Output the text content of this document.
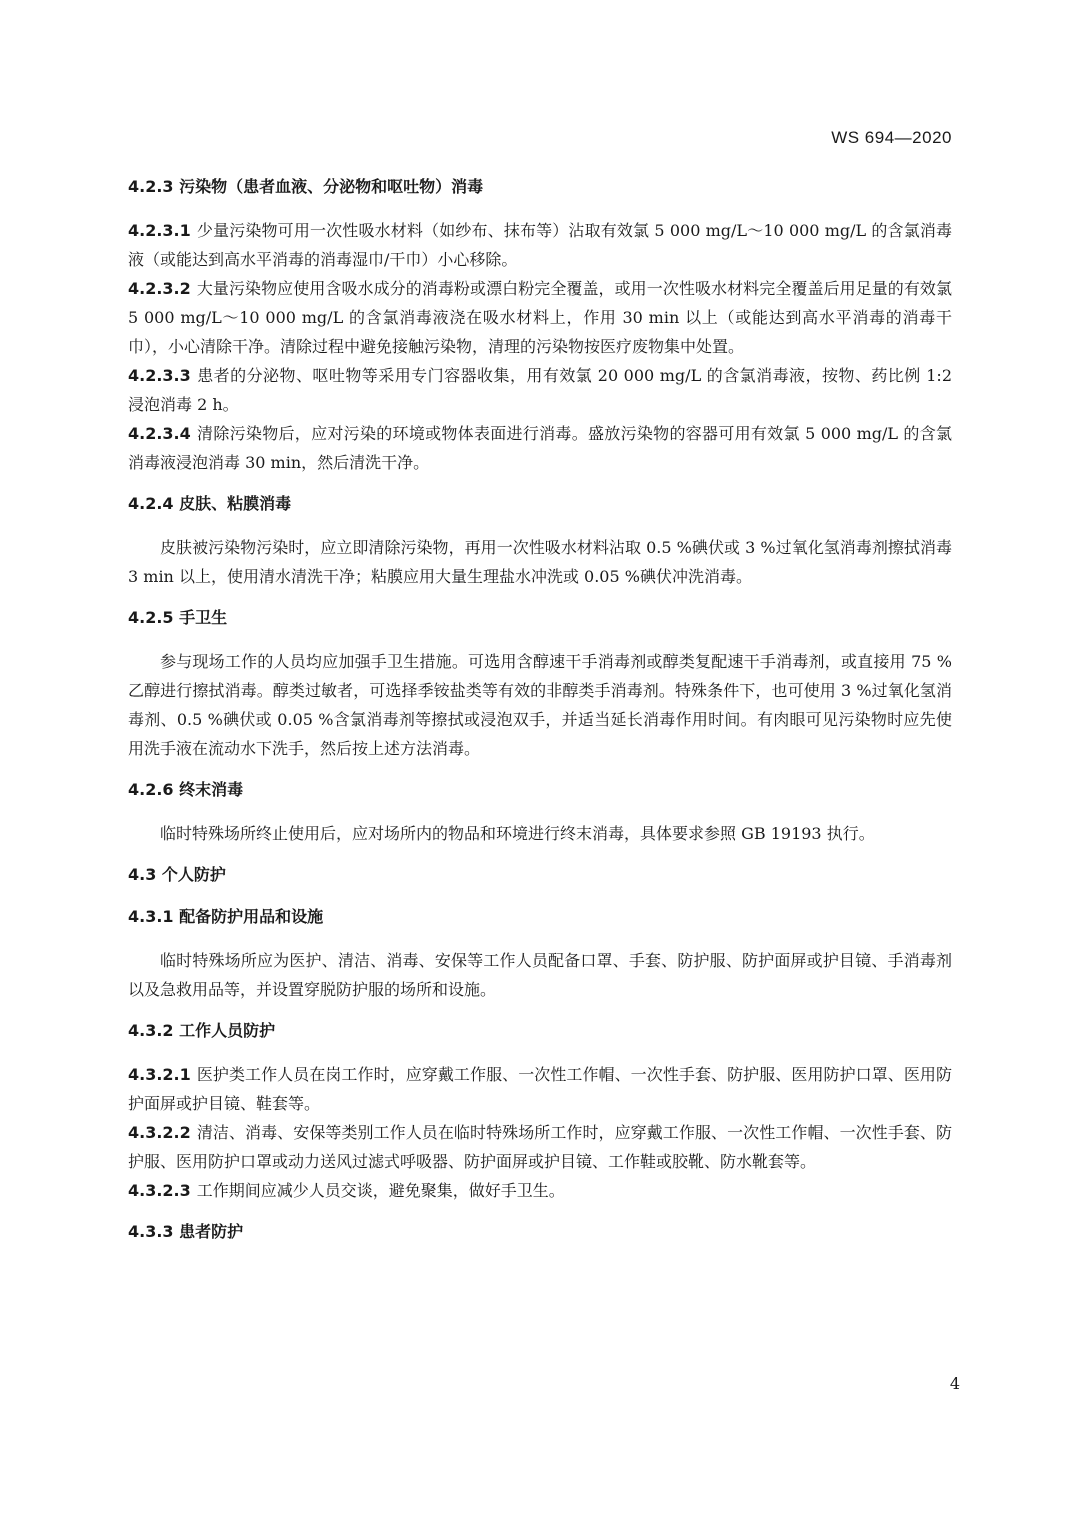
WS 694—2020
4.2.3 污染物（患者血液、分泌物和呕吐物）消毒

4.2.3.1 少量污染物可用一次性吸水材料（如纱布、抹布等）沾取有效氯 5 000 mg/L～10 000 mg/L 的含氯消毒液（或能达到高水平消毒的消毒湿巾/干巾）小心移除。

4.2.3.2 大量污染物应使用含吸水成分的消毒粉或漂白粉完全覆盖，或用一次性吸水材料完全覆盖后用足量的有效氯 5 000 mg/L～10 000 mg/L 的含氯消毒液浇在吸水材料上，作用 30 min 以上（或能达到高水平消毒的消毒干巾），小心清除干净。清除过程中避免接触污染物，清理的污染物按医疗废物集中处置。

4.2.3.3 患者的分泌物、呕吐物等采用专门容器收集，用有效氯 20 000 mg/L 的含氯消毒液，按物、药比例 1:2 浸泡消毒 2 h。

4.2.3.4 清除污染物后，应对污染的环境或物体表面进行消毒。盛放污染物的容器可用有效氯 5 000 mg/L 的含氯消毒液浸泡消毒 30 min，然后清洗干净。

4.2.4 皮肤、粘膜消毒

皮肤被污染物污染时，应立即清除污染物，再用一次性吸水材料沾取 0.5 %碘伏或 3 %过氧化氢消毒剂擦拭消毒 3 min 以上，使用清水清洗干净；粘膜应用大量生理盐水冲洗或 0.05 %碘伏冲洗消毒。

4.2.5 手卫生

参与现场工作的人员均应加强手卫生措施。可选用含醇速干手消毒剂或醇类复配速干手消毒剂，或直接用 75 %乙醇进行擦拭消毒。醇类过敏者，可选择季铵盐类等有效的非醇类手消毒剂。特殊条件下，也可使用 3 %过氧化氢消毒剂、0.5 %碘伏或 0.05 %含氯消毒剂等擦拭或浸泡双手，并适当延长消毒作用时间。有肉眼可见污染物时应先使用洗手液在流动水下洗手，然后按上述方法消毒。

4.2.6 终末消毒

临时特殊场所终止使用后，应对场所内的物品和环境进行终末消毒，具体要求参照 GB 19193 执行。

4.3 个人防护
4.3.1 配备防护用品和设施

临时特殊场所应为医护、清洁、消毒、安保等工作人员配备口罩、手套、防护服、防护面屏或护目镜、手消毒剂以及急救用品等，并设置穿脱防护服的场所和设施。

4.3.2 工作人员防护

4.3.2.1 医护类工作人员在岗工作时，应穿戴工作服、一次性工作帽、一次性手套、防护服、医用防护口罩、医用防护面屏或护目镜、鞋套等。

4.3.2.2 清洁、消毒、安保等类别工作人员在临时特殊场所工作时，应穿戴工作服、一次性工作帽、一次性手套、防护服、医用防护口罩或动力送风过滤式呼吸器、防护面屏或护目镜、工作鞋或胶靴、防水靴套等。

4.3.2.3 工作期间应减少人员交谈，避免聚集，做好手卫生。

4.3.3 患者防护
4
